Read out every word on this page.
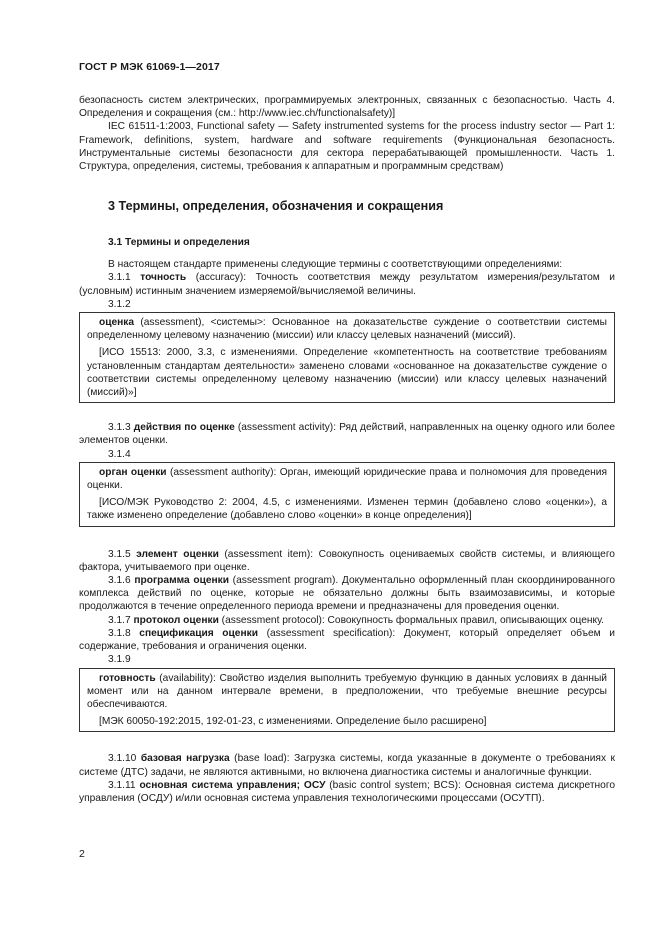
ГОСТ Р МЭК 61069-1—2017

безопасность систем электрических, программируемых электронных, связанных с безопасностью. Часть 4. Определения и сокращения (см.: http://www.iec.ch/functionalsafety)]

IEC 61511-1:2003, Functional safety — Safety instrumented systems for the process industry sector — Part 1: Framework, definitions, system, hardware and software requirements (Функциональная безопасность. Инструментальные системы безопасности для сектора перерабатывающей промышленности. Часть 1. Структура, определения, системы, требования к аппаратным и программным средствам)

3 Термины, определения, обозначения и сокращения
3.1 Термины и определения

В настоящем стандарте применены следующие термины с соответствующими определениями:

3.1.1 точность (accuracy): Точность соответствия между результатом измерения/результатом и (условным) истинным значением измеряемой/вычисляемой величины.

3.1.2

оценка (assessment), <системы>: Основанное на доказательстве суждение о соответствии системы определенному целевому назначению (миссии) или классу целевых назначений (миссий).

[ИСО 15513: 2000, 3.3, с изменениями. Определение «компетентность на соответствие требованиям установленным стандартам деятельности» заменено словами «основанное на доказательстве суждение о соответствии системы определенному целевому назначению (миссии) или классу целевых назначений (миссий)»]

3.1.3 действия по оценке (assessment activity): Ряд действий, направленных на оценку одного или более элементов оценки.

3.1.4

орган оценки (assessment authority): Орган, имеющий юридические права и полномочия для проведения оценки.

[ИСО/МЭК Руководство 2: 2004, 4.5, с изменениями. Изменен термин (добавлено слово «оценки»), а также изменено определение (добавлено слово «оценки» в конце определения)]

3.1.5 элемент оценки (assessment item): Совокупность оцениваемых свойств системы, и влияющего фактора, учитываемого при оценке.

3.1.6 программа оценки (assessment program). Документально оформленный план скоординированного комплекса действий по оценке, которые не обязательно должны быть взаимозависимы, и которые продолжаются в течение определенного периода времени и предназначены для проведения оценки.

3.1.7 протокол оценки (assessment protocol): Совокупность формальных правил, описывающих оценку.

3.1.8 спецификация оценки (assessment specification): Документ, который определяет объем и содержание, требования и ограничения оценки.

3.1.9

готовность (availability): Свойство изделия выполнить требуемую функцию в данных условиях в данный момент или на данном интервале времени, в предположении, что требуемые внешние ресурсы обеспечиваются.

[МЭК 60050-192:2015, 192-01-23, с изменениями. Определение было расширено]

3.1.10 базовая нагрузка (base load): Загрузка системы, когда указанные в документе о требованиях к системе (ДТС) задачи, не являются активными, но включена диагностика системы и аналогичные функции.

3.1.11 основная система управления; ОСУ (basic control system; BCS): Основная система дискретного управления (ОСДУ) и/или основная система управления технологическими процессами (ОСУТП).

2
